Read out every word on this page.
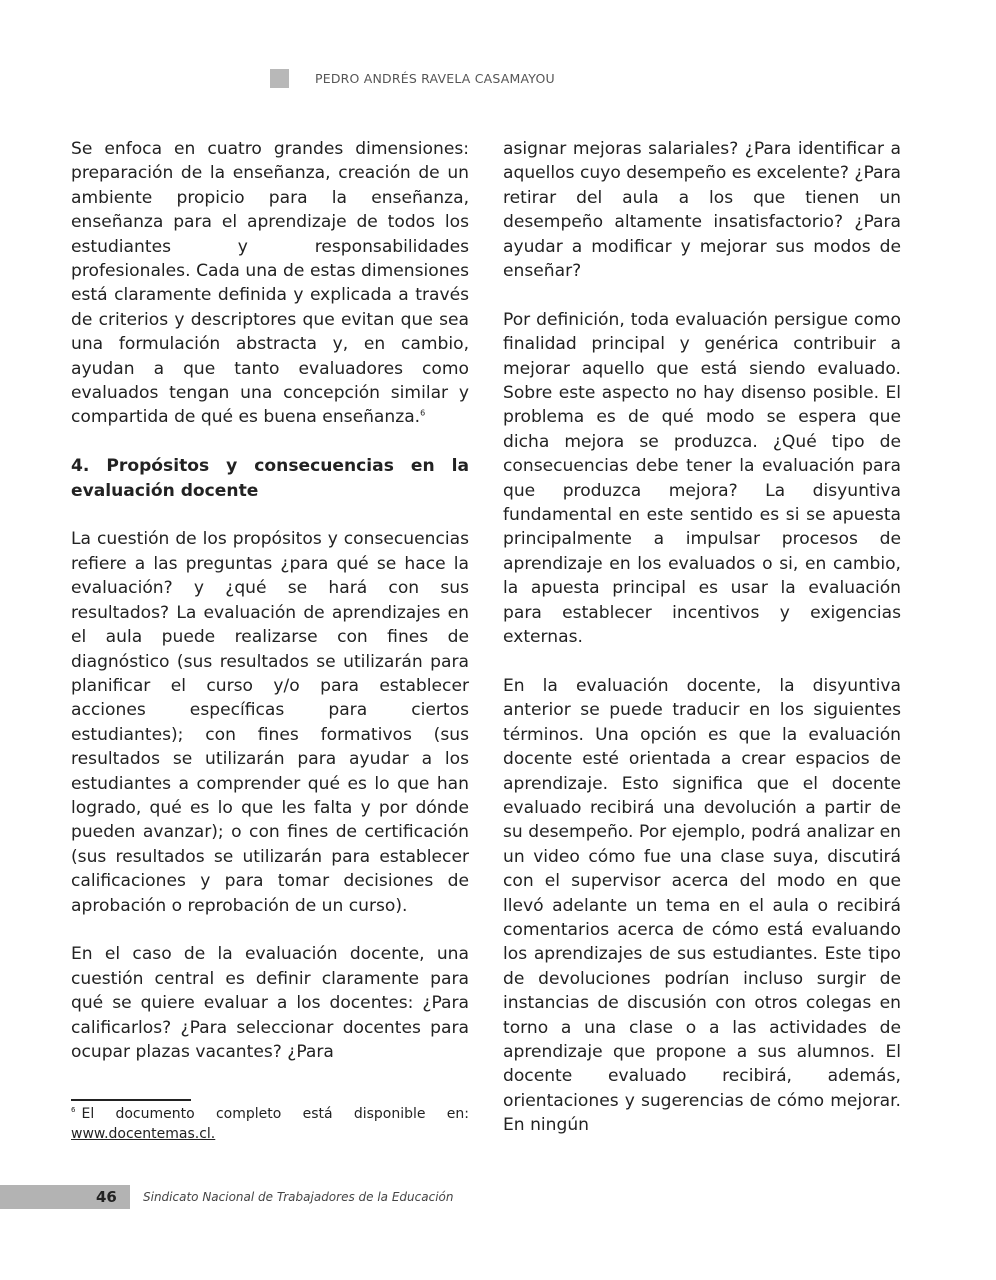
PEDRO ANDRÉS RAVELA CASAMAYOU

Se enfoca en cuatro grandes dimensiones: preparación de la enseñanza, creación de un ambiente propicio para la enseñanza, enseñanza para el aprendizaje de todos los estudiantes y responsabilidades profesionales. Cada una de estas dimensiones está claramente definida y explicada a través de criterios y descriptores que evitan que sea una formulación abstracta y, en cambio, ayudan a que tanto evaluadores como evaluados tengan una concepción similar y compartida de qué es buena enseñanza.$^6$

4. Propósitos y consecuencias en la evaluación docente

La cuestión de los propósitos y consecuencias refiere a las preguntas ¿para qué se hace la evaluación? y ¿qué se hará con sus resultados? La evaluación de aprendizajes en el aula puede realizarse con fines de diagnóstico (sus resultados se utilizarán para planificar el curso y/o para establecer acciones específicas para ciertos estudiantes); con fines formativos (sus resultados se utilizarán para ayudar a los estudiantes a comprender qué es lo que han logrado, qué es lo que les falta y por dónde pueden avanzar); o con fines de certificación (sus resultados se utilizarán para establecer calificaciones y para tomar decisiones de aprobación o reprobación de un curso).

En el caso de la evaluación docente, una cuestión central es definir claramente para qué se quiere evaluar a los docentes: ¿Para calificarlos? ¿Para seleccionar docentes para ocupar plazas vacantes? ¿Para

asignar mejoras salariales? ¿Para identificar a aquellos cuyo desempeño es excelente? ¿Para retirar del aula a los que tienen un desempeño altamente insatisfactorio? ¿Para ayudar a modificar y mejorar sus modos de enseñar?

Por definición, toda evaluación persigue como finalidad principal y genérica contribuir a mejorar aquello que está siendo evaluado. Sobre este aspecto no hay disenso posible. El problema es de qué modo se espera que dicha mejora se produzca. ¿Qué tipo de consecuencias debe tener la evaluación para que produzca mejora? La disyuntiva fundamental en este sentido es si se apuesta principalmente a impulsar procesos de aprendizaje en los evaluados o si, en cambio, la apuesta principal es usar la evaluación para establecer incentivos y exigencias externas.

En la evaluación docente, la disyuntiva anterior se puede traducir en los siguientes términos. Una opción es que la evaluación docente esté orientada a crear espacios de aprendizaje. Esto significa que el docente evaluado recibirá una devolución a partir de su desempeño. Por ejemplo, podrá analizar en un video cómo fue una clase suya, discutirá con el supervisor acerca del modo en que llevó adelante un tema en el aula o recibirá comentarios acerca de cómo está evaluando los aprendizajes de sus estudiantes. Este tipo de devoluciones podrían incluso surgir de instancias de discusión con otros colegas en torno a una clase o a las actividades de aprendizaje que propone a sus alumnos. El docente evaluado recibirá, además, orientaciones y sugerencias de cómo mejorar. En ningún

$^6$ El documento completo está disponible en: www.docentemas.cl.
46 Sindicato Nacional de Trabajadores de la Educación
